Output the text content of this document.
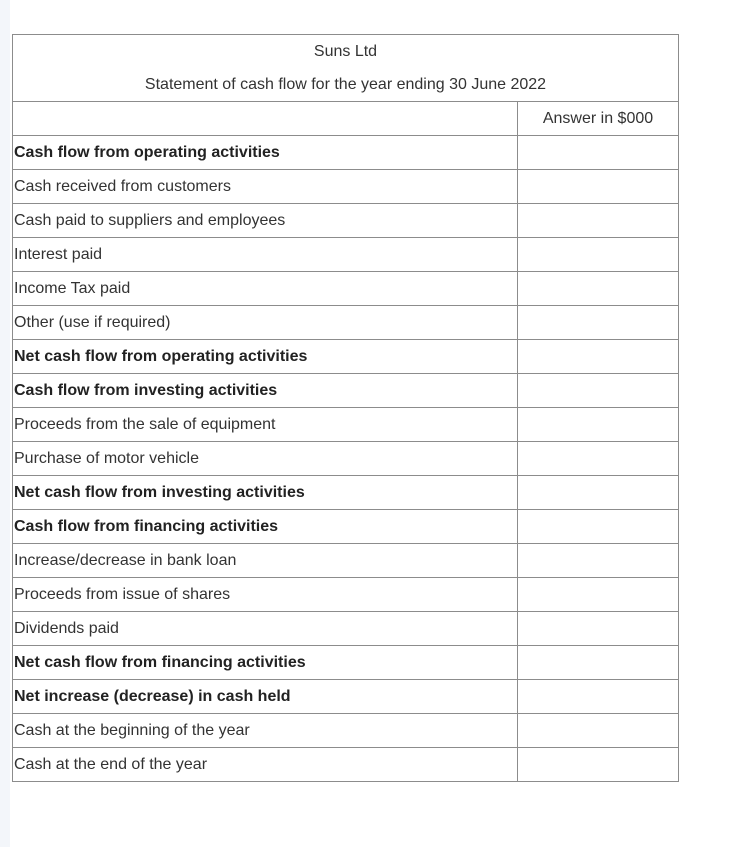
Suns Ltd
Statement of cash flow for the year ending 30 June 2022	

	Answer in $000
Cash flow from operating activities	
Cash received from customers	
Cash paid to suppliers and employees	
Interest paid	
Income Tax paid	
Other (use if required)	
Net cash flow from operating activities	
Cash flow from investing activities	
Proceeds from the sale of equipment	
Purchase of motor vehicle	
Net cash flow from investing activities	
Cash flow from financing activities	
Increase/decrease in bank loan	
Proceeds from issue of shares	
Dividends paid	
Net cash flow from financing activities	
Net increase (decrease) in cash held	
Cash at the beginning of the year	
Cash at the end of the year	
